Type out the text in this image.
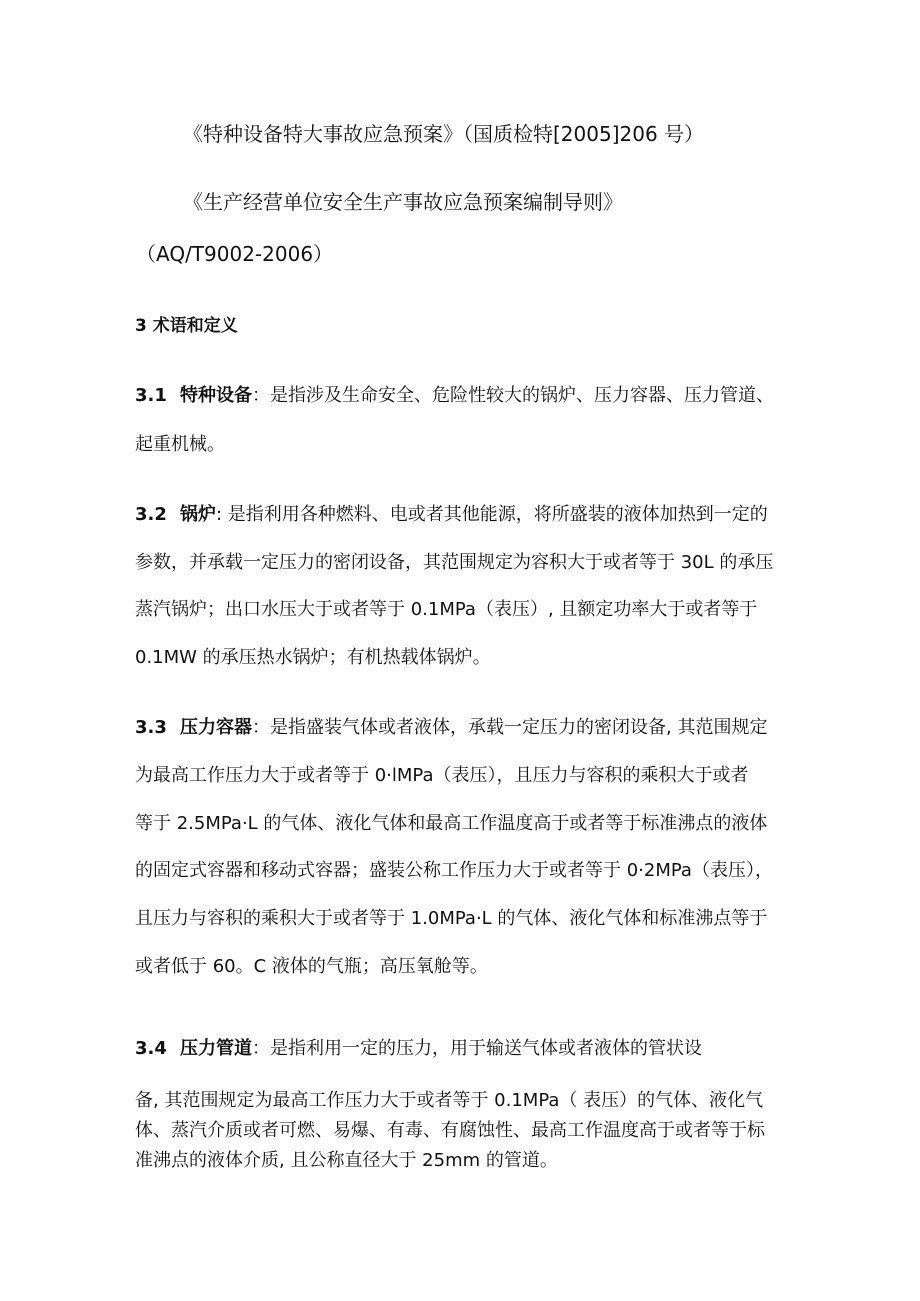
《特种设备特大事故应急预案》（国质检特[2005]206 号）
《生产经营单位安全生产事故应急预案编制导则》
（AQ/T9002-2006）
3 术语和定义
3.1 特种设备：是指涉及生命安全、危险性较大的锅炉、压力容器、压力管道、
起重机械。
3.2 锅炉: 是指利用各种燃料、电或者其他能源，将所盛装的液体加热到一定的
参数，并承载一定压力的密闭设备，其范围规定为容积大于或者等于 30L 的承压
蒸汽锅炉；出口水压大于或者等于 0.1MPa（表压）, 且额定功率大于或者等于
0.1MW 的承压热水锅炉；有机热载体锅炉。
3.3 压力容器：是指盛装气体或者液体，承载一定压力的密闭设备, 其范围规定
为最高工作压力大于或者等于 0·lMPa（表压），且压力与容积的乘积大于或者
等于 2.5MPa·L 的气体、液化气体和最高工作温度高于或者等于标准沸点的液体
的固定式容器和移动式容器；盛装公称工作压力大于或者等于 0·2MPa（表压），
且压力与容积的乘积大于或者等于 1.0MPa·L 的气体、液化气体和标准沸点等于
或者低于 60。C 液体的气瓶；高压氧舱等。
3.4 压力管道：是指利用一定的压力，用于输送气体或者液体的管状设
备, 其范围规定为最高工作压力大于或者等于 0.1MPa（ 表压）的气体、液化气
体、蒸汽介质或者可燃、易爆、有毒、有腐蚀性、最高工作温度高于或者等于标
准沸点的液体介质, 且公称直径大于 25mm 的管道。
